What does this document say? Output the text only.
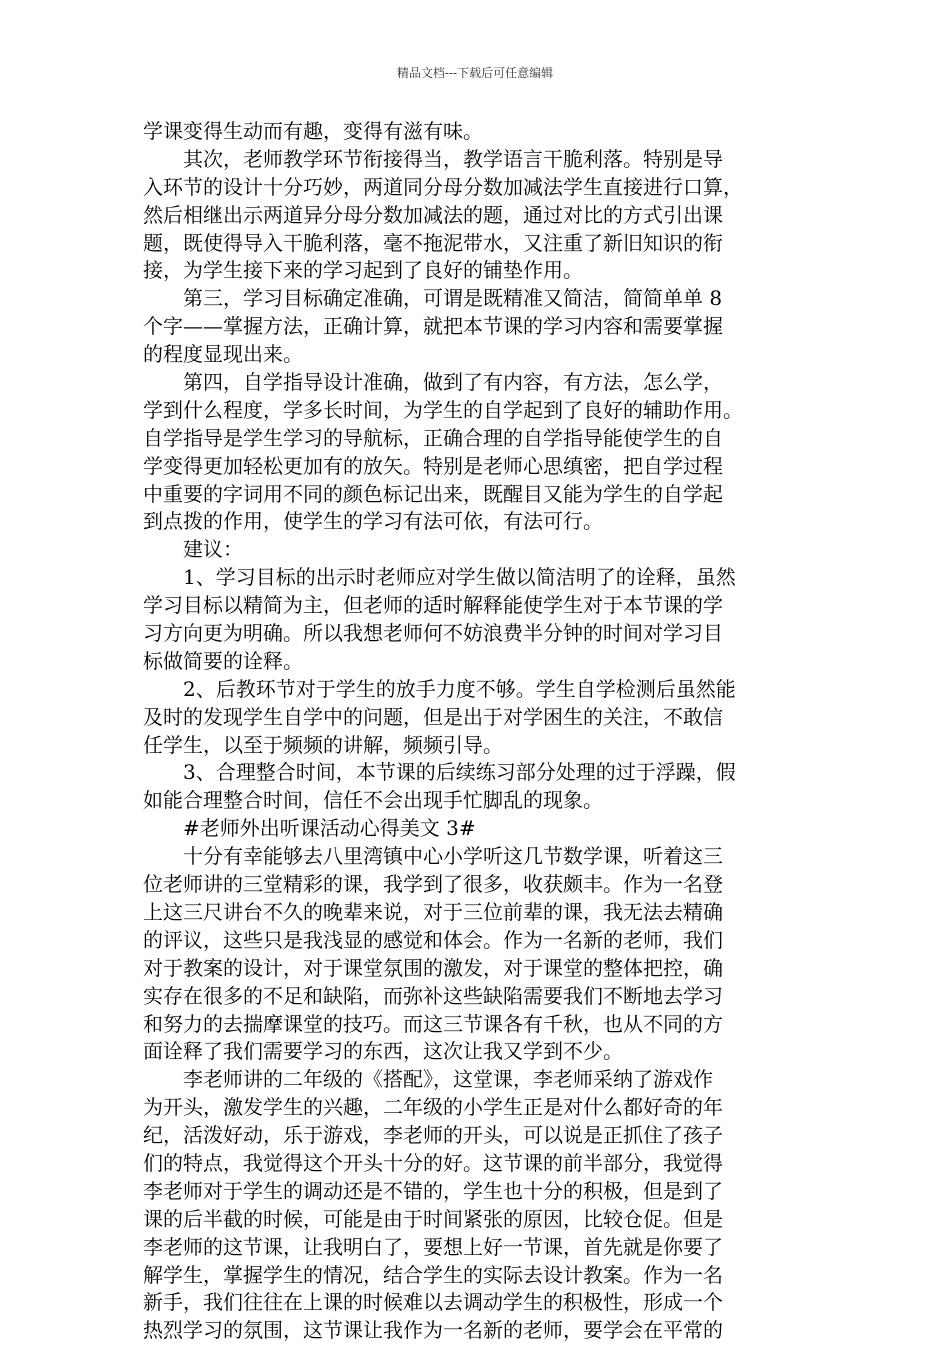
精品文档---下载后可任意编辑
学课变得生动而有趣，变得有滋有味。
其次，老师教学环节衔接得当，教学语言干脆利落。特别是导
入环节的设计十分巧妙，两道同分母分数加减法学生直接进行口算，
然后相继出示两道异分母分数加减法的题，通过对比的方式引出课
题，既使得导入干脆利落，毫不拖泥带水，又注重了新旧知识的衔
接，为学生接下来的学习起到了良好的铺垫作用。
第三，学习目标确定准确，可谓是既精准又简洁，简简单单 8
个字——掌握方法，正确计算，就把本节课的学习内容和需要掌握
的程度显现出来。
第四，自学指导设计准确，做到了有内容，有方法，怎么学，
学到什么程度，学多长时间，为学生的自学起到了良好的辅助作用。
自学指导是学生学习的导航标，正确合理的自学指导能使学生的自
学变得更加轻松更加有的放矢。特别是老师心思缜密，把自学过程
中重要的字词用不同的颜色标记出来，既醒目又能为学生的自学起
到点拨的作用，使学生的学习有法可依，有法可行。
建议：
1、学习目标的出示时老师应对学生做以简洁明了的诠释，虽然
学习目标以精简为主，但老师的适时解释能使学生对于本节课的学
习方向更为明确。所以我想老师何不妨浪费半分钟的时间对学习目
标做简要的诠释。
2、后教环节对于学生的放手力度不够。学生自学检测后虽然能
及时的发现学生自学中的问题，但是出于对学困生的关注，不敢信
任学生，以至于频频的讲解，频频引导。
3、合理整合时间，本节课的后续练习部分处理的过于浮躁，假
如能合理整合时间，信任不会出现手忙脚乱的现象。
#老师外出听课活动心得美文 3#
十分有幸能够去八里湾镇中心小学听这几节数学课，听着这三
位老师讲的三堂精彩的课，我学到了很多，收获颇丰。作为一名登
上这三尺讲台不久的晚辈来说，对于三位前辈的课，我无法去精确
的评议，这些只是我浅显的感觉和体会。作为一名新的老师，我们
对于教案的设计，对于课堂氛围的激发，对于课堂的整体把控，确
实存在很多的不足和缺陷，而弥补这些缺陷需要我们不断地去学习
和努力的去揣摩课堂的技巧。而这三节课各有千秋，也从不同的方
面诠释了我们需要学习的东西，这次让我又学到不少。
李老师讲的二年级的《搭配》，这堂课，李老师采纳了游戏作
为开头，激发学生的兴趣，二年级的小学生正是对什么都好奇的年
纪，活泼好动，乐于游戏，李老师的开头，可以说是正抓住了孩子
们的特点，我觉得这个开头十分的好。这节课的前半部分，我觉得
李老师对于学生的调动还是不错的，学生也十分的积极，但是到了
课的后半截的时候，可能是由于时间紧张的原因，比较仓促。但是
李老师的这节课，让我明白了，要想上好一节课，首先就是你要了
解学生，掌握学生的情况，结合学生的实际去设计教案。作为一名
新手，我们往往在上课的时候难以去调动学生的积极性，形成一个
热烈学习的氛围，这节课让我作为一名新的老师，要学会在平常的
